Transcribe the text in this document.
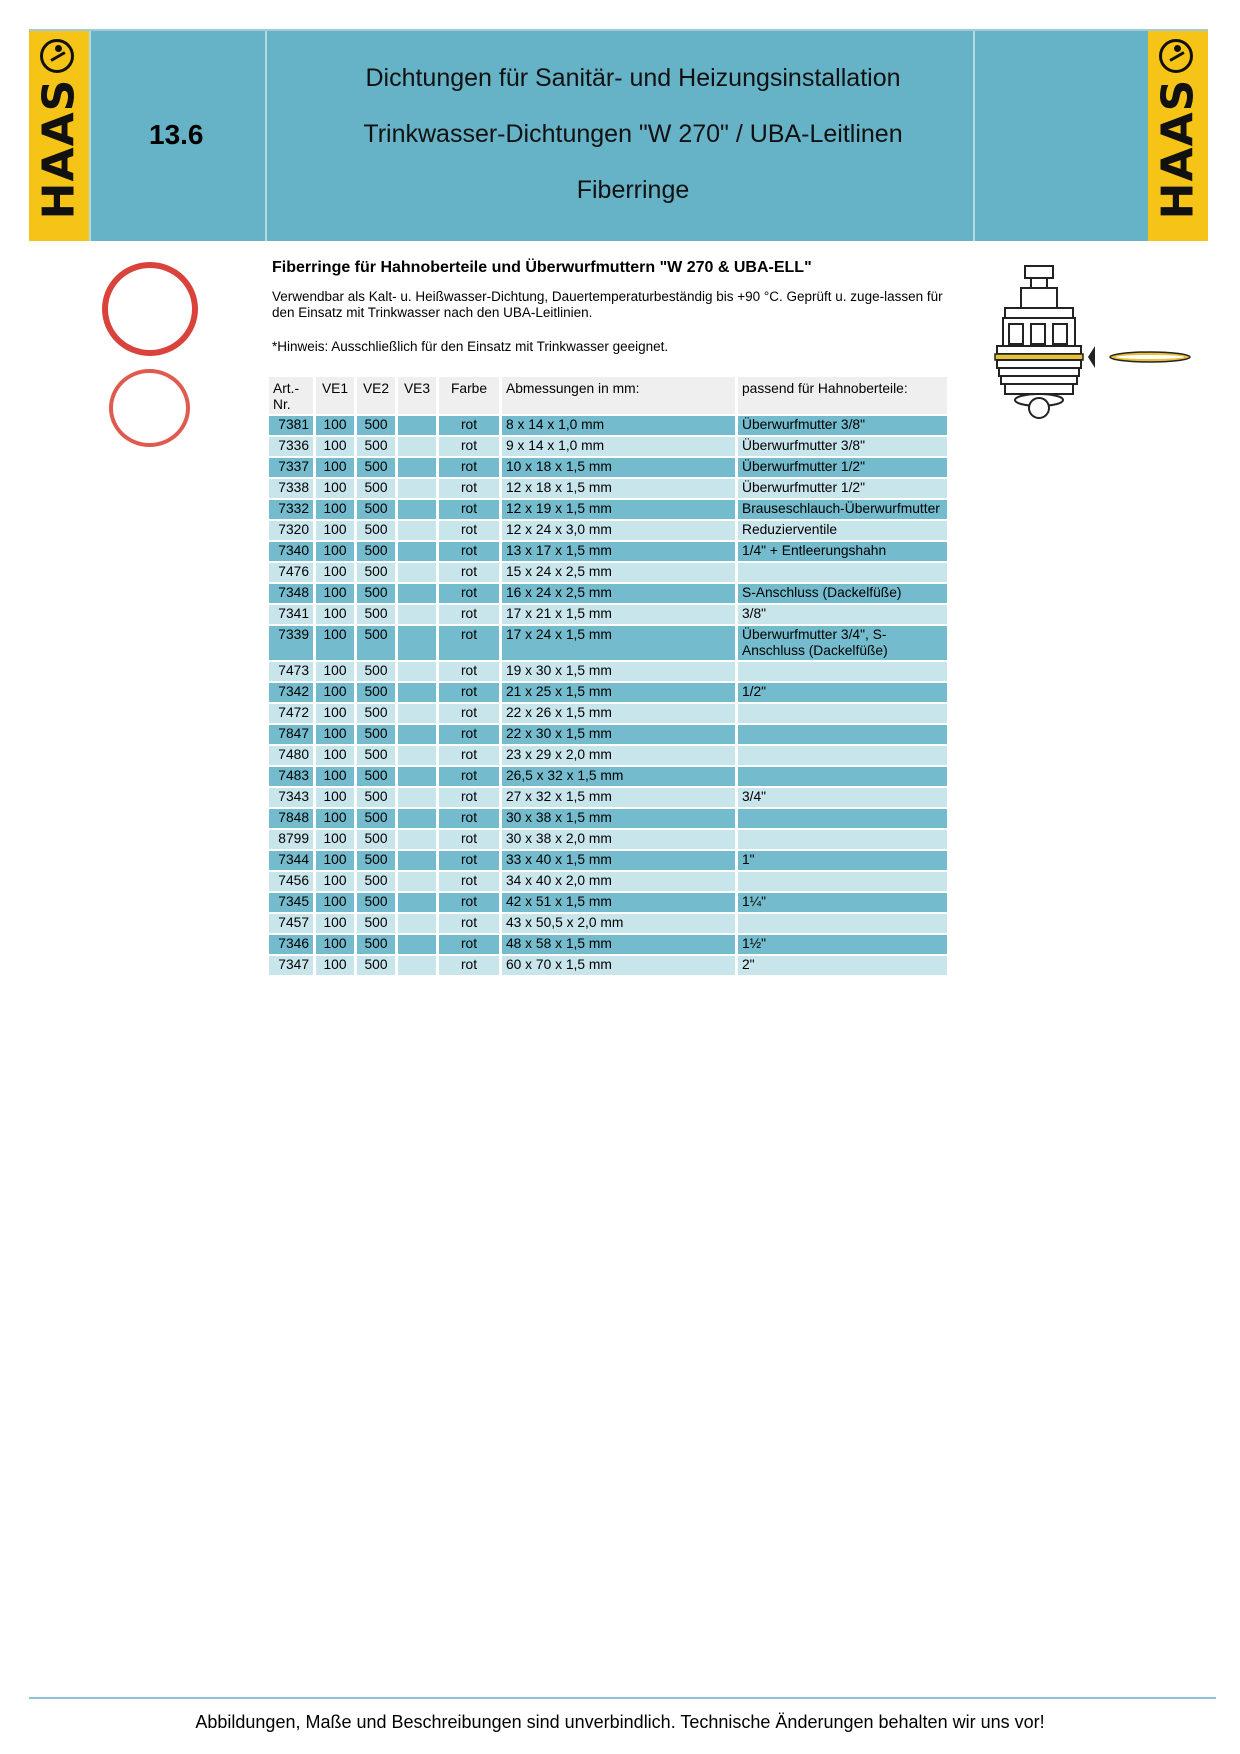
HAAS 13.6
Dichtungen für Sanitär- und Heizungsinstallation
Trinkwasser-Dichtungen "W 270" / UBA-Leitlinen
Fiberringe	HAAS
Fiberringe für Hahnoberteile und Überwurfmuttern "W 270 & UBA-ELL"
Verwendbar als Kalt- u. Heißwasser-Dichtung, Dauertemperaturbeständig bis +90 °C. Geprüft u. zuge-lassen für den Einsatz mit Trinkwasser nach den UBA-Leitlinien.
*Hinweis: Ausschließlich für den Einsatz mit Trinkwasser geeignet.
Art.-Nr.	VE1	VE2	VE3	Farbe	Abmessungen in mm:	passend für Hahnoberteile:
7381	100	500		rot	8 x 14 x 1,0 mm	Überwurfmutter 3/8"
7336	100	500		rot	9 x 14 x 1,0 mm	Überwurfmutter 3/8"
7337	100	500		rot	10 x 18 x 1,5 mm	Überwurfmutter 1/2"
7338	100	500		rot	12 x 18 x 1,5 mm	Überwurfmutter 1/2"
7332	100	500		rot	12 x 19 x 1,5 mm	Brauseschlauch-Überwurfmutter
7320	100	500		rot	12 x 24 x 3,0 mm	Reduzierventile
7340	100	500		rot	13 x 17 x 1,5 mm	1/4" + Entleerungshahn
7476	100	500		rot	15 x 24 x 2,5 mm	
7348	100	500		rot	16 x 24 x 2,5 mm	S-Anschluss (Dackelfüße)
7341	100	500		rot	17 x 21 x 1,5 mm	3/8"
7339	100	500		rot	17 x 24 x 1,5 mm	Überwurfmutter 3/4", S-Anschluss (Dackelfüße)
7473	100	500		rot	19 x 30 x 1,5 mm	
7342	100	500		rot	21 x 25 x 1,5 mm	1/2"
7472	100	500		rot	22 x 26 x 1,5 mm	
7847	100	500		rot	22 x 30 x 1,5 mm	
7480	100	500		rot	23 x 29 x 2,0 mm	
7483	100	500		rot	26,5 x 32 x 1,5 mm	
7343	100	500		rot	27 x 32 x 1,5 mm	3/4"
7848	100	500		rot	30 x 38 x 1,5 mm	
8799	100	500		rot	30 x 38 x 2,0 mm	
7344	100	500		rot	33 x 40 x 1,5 mm	1"
7456	100	500		rot	34 x 40 x 2,0 mm	
7345	100	500		rot	42 x 51 x 1,5 mm	1¼"
7457	100	500		rot	43 x 50,5 x 2,0 mm	
7346	100	500		rot	48 x 58 x 1,5 mm	1½"
7347	100	500		rot	60 x 70 x 1,5 mm	2"
Abbildungen, Maße und Beschreibungen sind unverbindlich. Technische Änderungen behalten wir uns vor!
